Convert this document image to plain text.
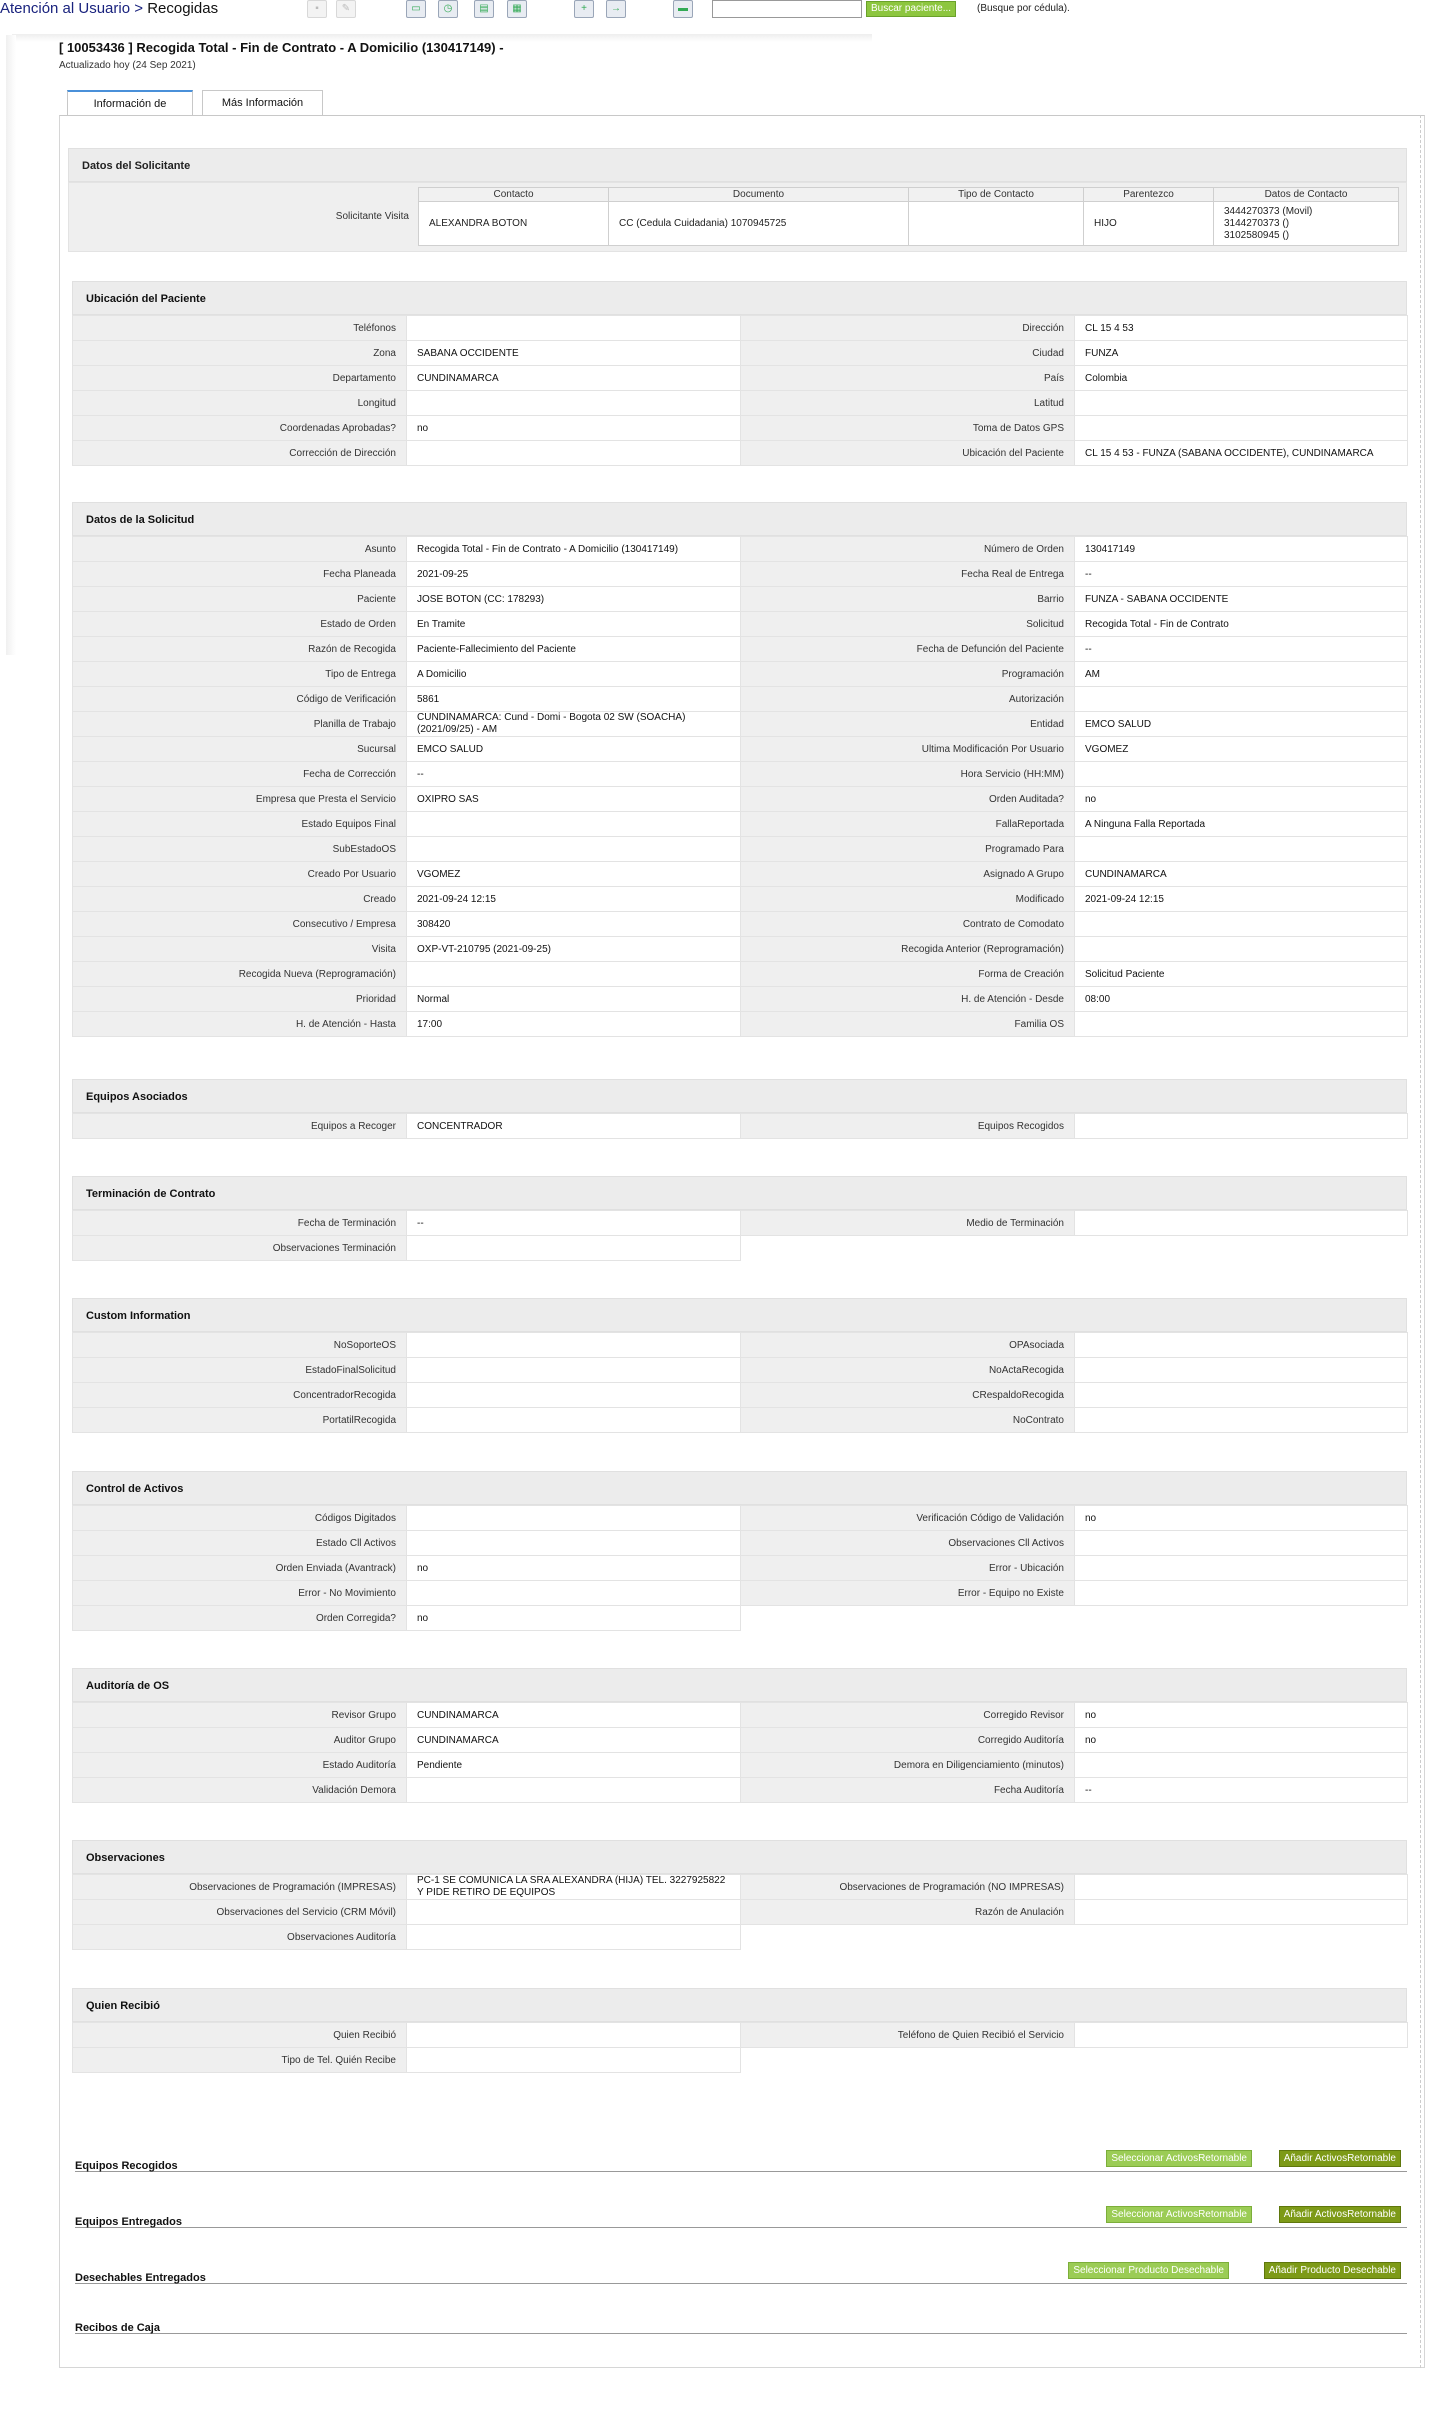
Atención al Usuario > Recogidas	▪	✎	▭	◷	▤	▦	+	→	▬	Buscar paciente...	(Busque por cédula).
[ 10053436 ] Recogida Total - Fin de Contrato - A Domicilio (130417149) -
Actualizado hoy (24 Sep 2021)
Información de	Más Información
Datos del Solicitante
Solicitante Visita
Contacto	Documento	Tipo de Contacto	Parentezco	Datos de Contacto
ALEXANDRA BOTON	CC (Cedula Cuidadania) 1070945725		HIJO	3444270373 (Movil)
3144270373 ()
3102580945 ()
Ubicación del Paciente
Teléfonos		Dirección	CL 15 4 53
Zona	SABANA OCCIDENTE	Ciudad	FUNZA
Departamento	CUNDINAMARCA	País	Colombia
Longitud		Latitud	
Coordenadas Aprobadas?	no	Toma de Datos GPS	
Corrección de Dirección		Ubicación del Paciente	CL 15 4 53 - FUNZA (SABANA OCCIDENTE), CUNDINAMARCA
Datos de la Solicitud
Asunto	Recogida Total - Fin de Contrato - A Domicilio (130417149)	Número de Orden	130417149
Fecha Planeada	2021-09-25	Fecha Real de Entrega	--
Paciente	JOSE BOTON (CC: 178293)	Barrio	FUNZA - SABANA OCCIDENTE
Estado de Orden	En Tramite	Solicitud	Recogida Total - Fin de Contrato
Razón de Recogida	Paciente-Fallecimiento del Paciente	Fecha de Defunción del Paciente	--
Tipo de Entrega	A Domicilio	Programación	AM
Código de Verificación	5861	Autorización	
Planilla de Trabajo	CUNDINAMARCA: Cund - Domi - Bogota 02 SW (SOACHA) (2021/09/25) - AM	Entidad	EMCO SALUD
Sucursal	EMCO SALUD	Ultima Modificación Por Usuario	VGOMEZ
Fecha de Corrección	--	Hora Servicio (HH:MM)	
Empresa que Presta el Servicio	OXIPRO SAS	Orden Auditada?	no
Estado Equipos Final		FallaReportada	A Ninguna Falla Reportada
SubEstadoOS		Programado Para	
Creado Por Usuario	VGOMEZ	Asignado A Grupo	CUNDINAMARCA
Creado	2021-09-24 12:15	Modificado	2021-09-24 12:15
Consecutivo / Empresa	308420	Contrato de Comodato	
Visita	OXP-VT-210795 (2021-09-25)	Recogida Anterior (Reprogramación)	
Recogida Nueva (Reprogramación)		Forma de Creación	Solicitud Paciente
Prioridad	Normal	H. de Atención - Desde	08:00
H. de Atención - Hasta	17:00	Familia OS	
Equipos Asociados
Equipos a Recoger	CONCENTRADOR	Equipos Recogidos	
Terminación de Contrato
Fecha de Terminación	--	Medio de Terminación	
Observaciones Terminación			
Custom Information
NoSoporteOS		OPAsociada	
EstadoFinalSolicitud		NoActaRecogida	
ConcentradorRecogida		CRespaldoRecogida	
PortatilRecogida		NoContrato	
Control de Activos
Códigos Digitados		Verificación Código de Validación	no
Estado Cll Activos		Observaciones Cll Activos	
Orden Enviada (Avantrack)	no	Error - Ubicación	
Error - No Movimiento		Error - Equipo no Existe	
Orden Corregida?	no		
Auditoría de OS
Revisor Grupo	CUNDINAMARCA	Corregido Revisor	no
Auditor Grupo	CUNDINAMARCA	Corregido Auditoría	no
Estado Auditoría	Pendiente	Demora en Diligenciamiento (minutos)	
Validación Demora		Fecha Auditoría	--
Observaciones
Observaciones de Programación (IMPRESAS)	PC-1 SE COMUNICA LA SRA ALEXANDRA (HIJA) TEL. 3227925822 Y PIDE RETIRO DE EQUIPOS	Observaciones de Programación (NO IMPRESAS)	
Observaciones del Servicio (CRM Móvil)		Razón de Anulación	
Observaciones Auditoría			
Quien Recibió
Quien Recibió		Teléfono de Quien Recibió el Servicio	
Tipo de Tel. Quién Recibe			
Equipos Recogidos
Seleccionar ActivosRetornable	Añadir ActivosRetornable
Equipos Entregados
Seleccionar ActivosRetornable	Añadir ActivosRetornable
Desechables Entregados
Seleccionar Producto Desechable	Añadir Producto Desechable
Recibos de Caja
